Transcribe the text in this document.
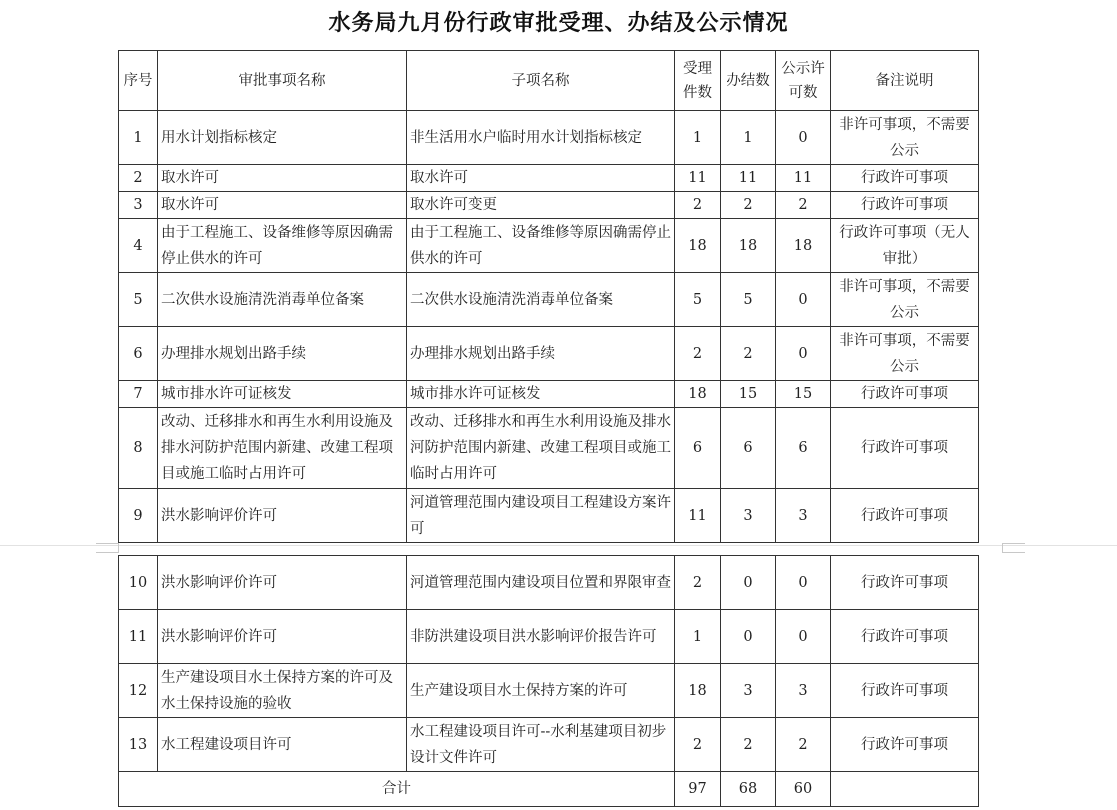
水务局九月份行政审批受理、办结及公示情况
序号	审批事项名称	子项名称	受理件数	办结数	公示许可数	备注说明
1	用水计划指标核定	非生活用水户临时用水计划指标核定	1	1	0	非许可事项，不需要公示
2	取水许可	取水许可	11	11	11	行政许可事项
3	取水许可	取水许可变更	2	2	2	行政许可事项
4	由于工程施工、设备维修等原因确需停止供水的许可	由于工程施工、设备维修等原因确需停止供水的许可	18	18	18	行政许可事项（无人审批）
5	二次供水设施清洗消毒单位备案	二次供水设施清洗消毒单位备案	5	5	0	非许可事项，不需要公示
6	办理排水规划出路手续	办理排水规划出路手续	2	2	0	非许可事项，不需要公示
7	城市排水许可证核发	城市排水许可证核发	18	15	15	行政许可事项
8	改动、迁移排水和再生水利用设施及排水河防护范围内新建、改建工程项目或施工临时占用许可	改动、迁移排水和再生水利用设施及排水河防护范围内新建、改建工程项目或施工临时占用许可	6	6	6	行政许可事项
9	洪水影响评价许可	河道管理范围内建设项目工程建设方案许可	11	3	3	行政许可事项
10	洪水影响评价许可	河道管理范围内建设项目位置和界限审查	2	0	0	行政许可事项
11	洪水影响评价许可	非防洪建设项目洪水影响评价报告许可	1	0	0	行政许可事项
12	生产建设项目水土保持方案的许可及水土保持设施的验收	生产建设项目水土保持方案的许可	18	3	3	行政许可事项
13	水工程建设项目许可	水工程建设项目许可--水利基建项目初步设计文件许可	2	2	2	行政许可事项
合计			97	68	60	
